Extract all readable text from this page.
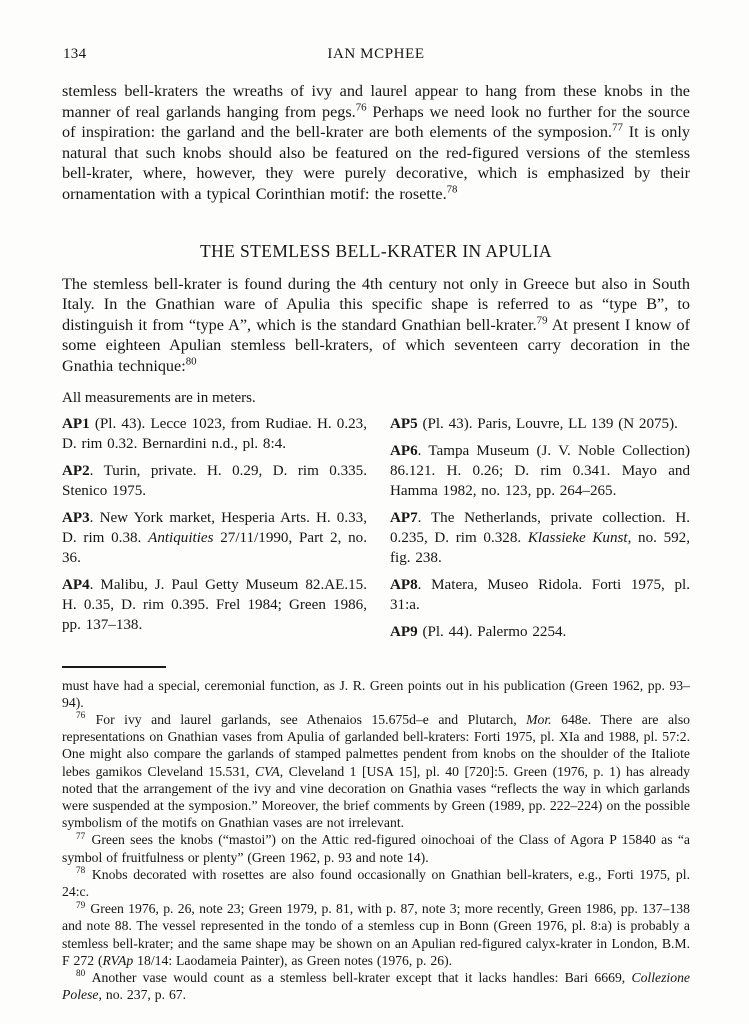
134	IAN MCPHEE

stemless bell-kraters the wreaths of ivy and laurel appear to hang from these knobs in the manner of real garlands hanging from pegs.$^{76}$ Perhaps we need look no further for the source of inspiration: the garland and the bell-krater are both elements of the symposion.$^{77}$ It is only natural that such knobs should also be featured on the red-figured versions of the stemless bell-krater, where, however, they were purely decorative, which is emphasized by their ornamentation with a typical Corinthian motif: the rosette.$^{78}$

THE STEMLESS BELL-KRATER IN APULIA

The stemless bell-krater is found during the 4th century not only in Greece but also in South Italy. In the Gnathian ware of Apulia this specific shape is referred to as “type B”, to distinguish it from “type A”, which is the standard Gnathian bell-krater.$^{79}$ At present I know of some eighteen Apulian stemless bell-kraters, of which seventeen carry decoration in the Gnathia technique:$^{80}$

All measurements are in meters.

AP1 (Pl. 43). Lecce 1023, from Rudiae. H. 0.23, D. rim 0.32. Bernardini n.d., pl. 8:4.

AP2. Turin, private. H. 0.29, D. rim 0.335. Stenico 1975.

AP3. New York market, Hesperia Arts. H. 0.33, D. rim 0.38. Antiquities 27/11/1990, Part 2, no. 36.

AP4. Malibu, J. Paul Getty Museum 82.AE.15. H. 0.35, D. rim 0.395. Frel 1984; Green 1986, pp. 137–138.

AP5 (Pl. 43). Paris, Louvre, LL 139 (N 2075).

AP6. Tampa Museum (J. V. Noble Collection) 86.121. H. 0.26; D. rim 0.341. Mayo and Hamma 1982, no. 123, pp. 264–265.

AP7. The Netherlands, private collection. H. 0.235, D. rim 0.328. Klassieke Kunst, no. 592, fig. 238.

AP8. Matera, Museo Ridola. Forti 1975, pl. 31:a.

AP9 (Pl. 44). Palermo 2254.

must have had a special, ceremonial function, as J. R. Green points out in his publication (Green 1962, pp. 93–94).

$^{76}$ For ivy and laurel garlands, see Athenaios 15.675d–e and Plutarch, Mor. 648e. There are also representations on Gnathian vases from Apulia of garlanded bell-kraters: Forti 1975, pl. XIa and 1988, pl. 57:2. One might also compare the garlands of stamped palmettes pendent from knobs on the shoulder of the Italiote lebes gamikos Cleveland 15.531, CVA, Cleveland 1 [USA 15], pl. 40 [720]:5. Green (1976, p. 1) has already noted that the arrangement of the ivy and vine decoration on Gnathia vases “reflects the way in which garlands were suspended at the symposion.” Moreover, the brief comments by Green (1989, pp. 222–224) on the possible symbolism of the motifs on Gnathian vases are not irrelevant.

$^{77}$ Green sees the knobs (“mastoi”) on the Attic red-figured oinochoai of the Class of Agora P 15840 as “a symbol of fruitfulness or plenty” (Green 1962, p. 93 and note 14).

$^{78}$ Knobs decorated with rosettes are also found occasionally on Gnathian bell-kraters, e.g., Forti 1975, pl. 24:c.

$^{79}$ Green 1976, p. 26, note 23; Green 1979, p. 81, with p. 87, note 3; more recently, Green 1986, pp. 137–138 and note 88. The vessel represented in the tondo of a stemless cup in Bonn (Green 1976, pl. 8:a) is probably a stemless bell-krater; and the same shape may be shown on an Apulian red-figured calyx-krater in London, B.M. F 272 (RVAp 18/14: Laodameia Painter), as Green notes (1976, p. 26).

$^{80}$ Another vase would count as a stemless bell-krater except that it lacks handles: Bari 6669, Collezione Polese, no. 237, p. 67.
